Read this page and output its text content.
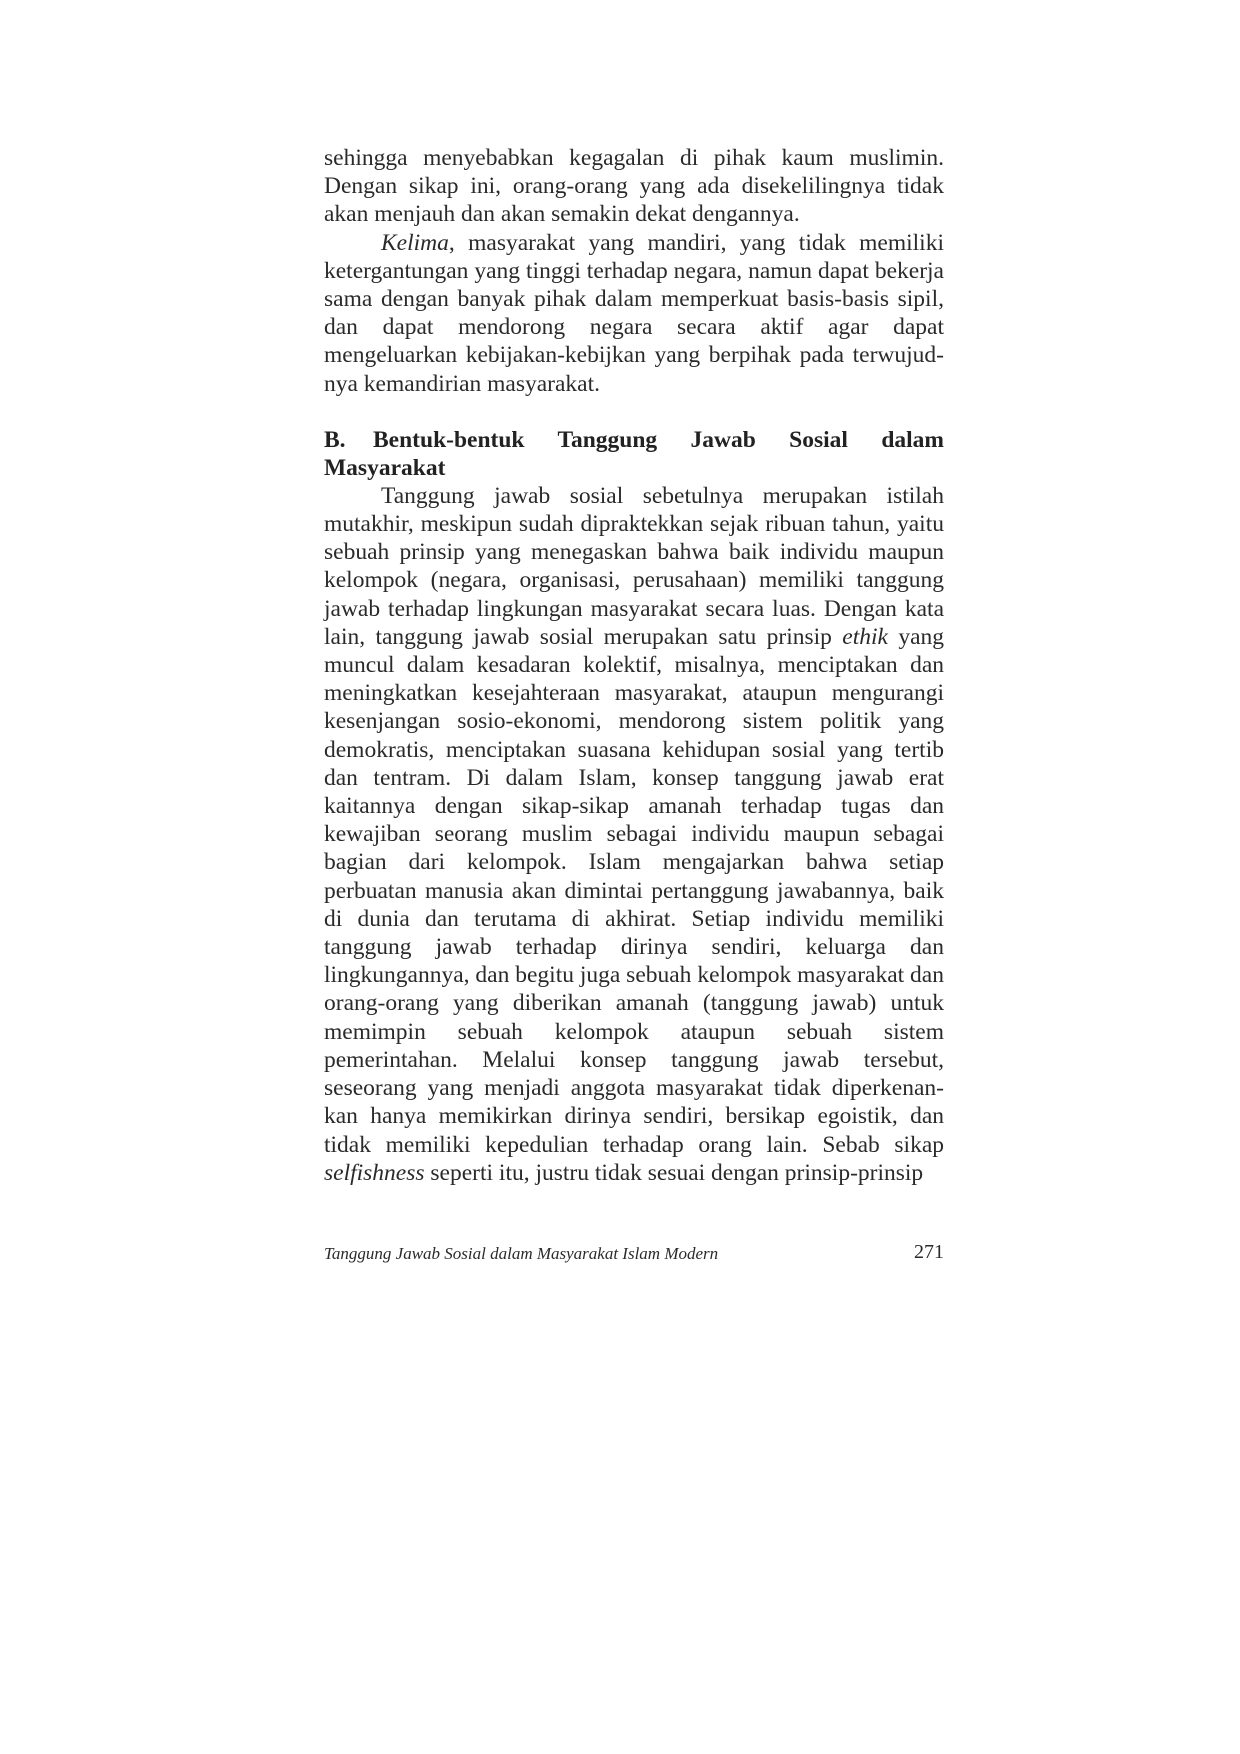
sehingga menyebabkan kegagalan di pihak kaum muslimin. Dengan sikap ini, orang-orang yang ada disekelilingnya tidak akan menjauh dan akan semakin dekat dengannya.

Kelima, masyarakat yang mandiri, yang tidak memiliki ketergantungan yang tinggi terhadap negara, namun dapat bekerja sama dengan banyak pihak dalam memperkuat basis-basis sipil, dan dapat mendorong negara secara aktif agar dapat mengeluarkan kebijakan-kebijkan yang berpihak pada terwujud-nya kemandirian masyarakat.

B. Bentuk-bentuk Tanggung Jawab Sosial dalam Masyarakat

Tanggung jawab sosial sebetulnya merupakan istilah mutakhir, meskipun sudah dipraktekkan sejak ribuan tahun, yaitu sebuah prinsip yang menegaskan bahwa baik individu maupun kelompok (negara, organisasi, perusahaan) memiliki tanggung jawab terhadap lingkungan masyarakat secara luas. Dengan kata lain, tanggung jawab sosial merupakan satu prinsip ethik yang muncul dalam kesadaran kolektif, misalnya, menciptakan dan meningkatkan kesejahteraan masyarakat, ataupun mengurangi kesenjangan sosio-ekonomi, mendorong sistem politik yang demokratis, menciptakan suasana kehidupan sosial yang tertib dan tentram. Di dalam Islam, konsep tanggung jawab erat kaitannya dengan sikap-sikap amanah terhadap tugas dan kewajiban seorang muslim sebagai individu maupun sebagai bagian dari kelompok. Islam mengajarkan bahwa setiap perbuatan manusia akan dimintai pertanggung jawabannya, baik di dunia dan terutama di akhirat. Setiap individu memiliki tanggung jawab terhadap dirinya sendiri, keluarga dan lingkungannya, dan begitu juga sebuah kelompok masyarakat dan orang-orang yang diberikan amanah (tanggung jawab) untuk memimpin sebuah kelompok ataupun sebuah sistem pemerintahan. Melalui konsep tanggung jawab tersebut, seseorang yang menjadi anggota masyarakat tidak diperkenan-kan hanya memikirkan dirinya sendiri, bersikap egoistik, dan tidak memiliki kepedulian terhadap orang lain. Sebab sikap selfishness seperti itu, justru tidak sesuai dengan prinsip-prinsip

Tanggung Jawab Sosial dalam Masyarakat Islam Modern	271
